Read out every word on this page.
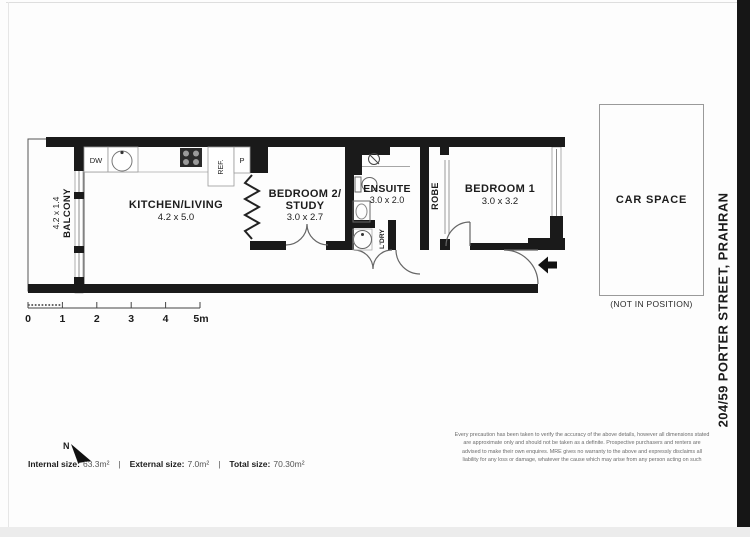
BALCONY
4.2 x 1.4	KITCHEN/LIVING
4.2 x 5.0
BEDROOM 2/
STUDY
3.0 x 2.7
ENSUITE
3.0 x 2.0	ROBE
L'DRY
BEDROOM 1
3.0 x 3.2
DW	REF. P
0	1	2	3	4 5m
N
CAR SPACE
(NOT IN POSITION)	204/59 PORTER STREET, PRAHRAN
Internal size: 63.3m² | External size: 7.0m² | Total size: 70.30m²
Every precaution has been taken to verify the accuracy of the above details, however all dimensions stated
are approximate only and should not be taken as a definite. Prospective purchasers and renters are
advised to make their own enquires. MRE gives no warranty to the above and expressly disclaims all
liability for any loss or damage, whatever the cause which may arise from any person acting on such
